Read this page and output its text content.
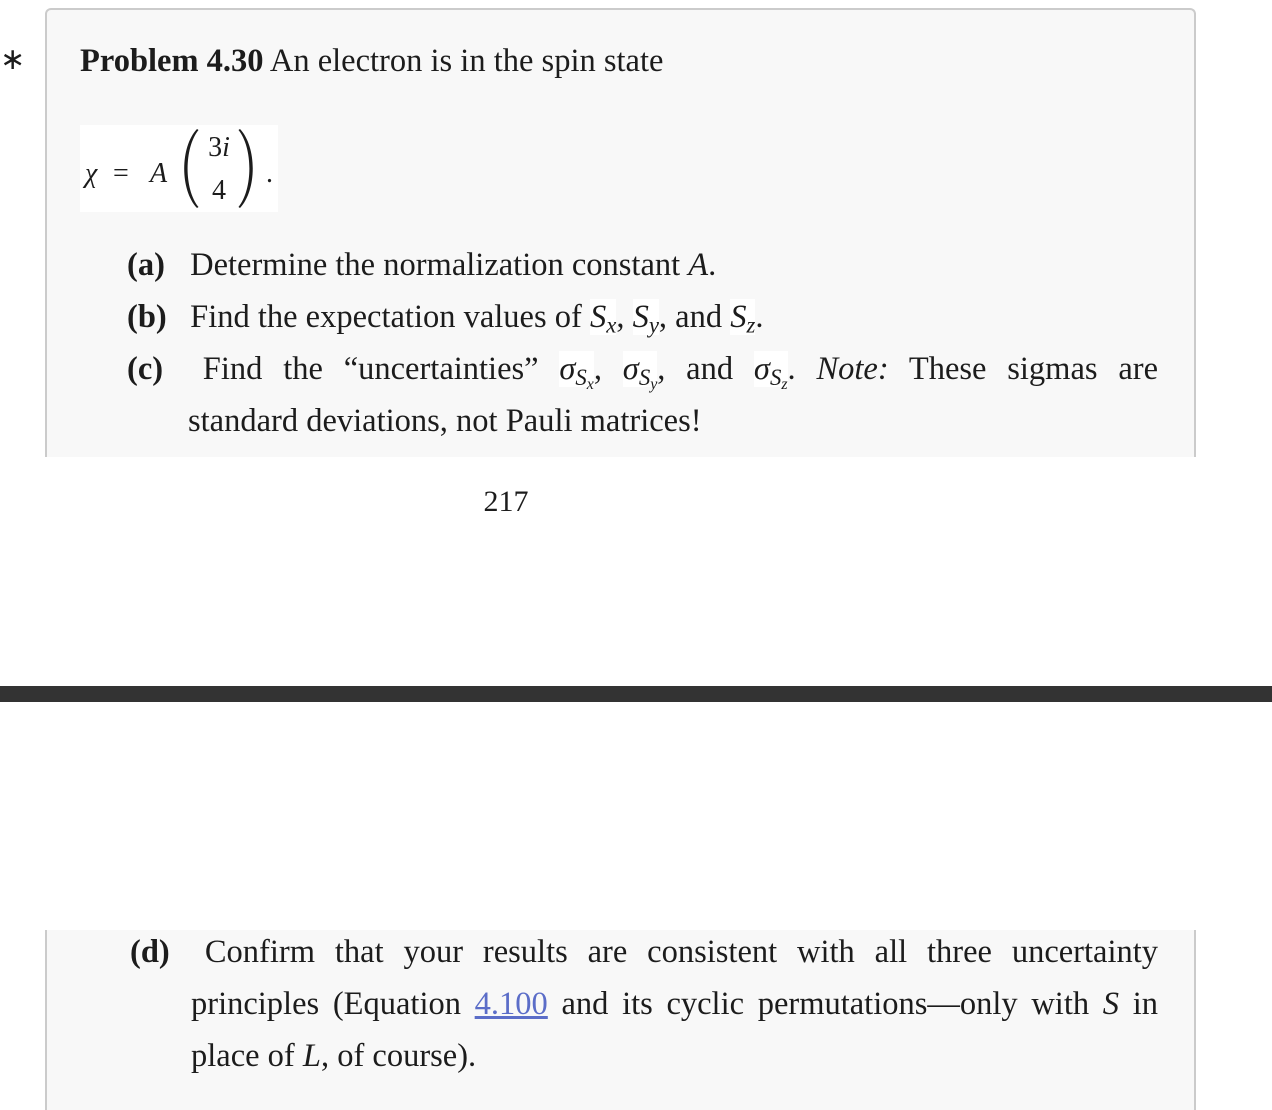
∗ Problem 4.30 An electron is in the spin state
χ = A
3i
4
.
(a) Determine the normalization constant A.
(b) Find the expectation values of $S_x$, $S_y$, and $S_z$.
(c) Find the “uncertainties” $\sigma_{S_x}$, $\sigma_{S_y}$, and $\sigma_{S_z}$. Note: These sigmas are
standard deviations, not Pauli matrices!
217
(d) Confirm that your results are consistent with all three uncertainty
principles (Equation 4.100 and its cyclic permutations—only with S in
place of L, of course).
